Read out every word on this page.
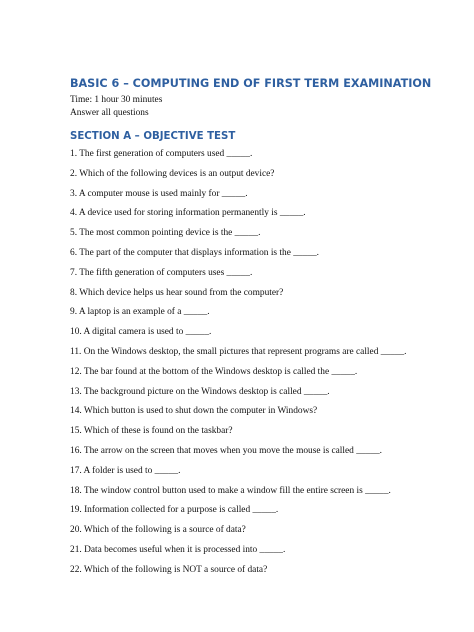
BASIC 6 – COMPUTING END OF FIRST TERM EXAMINATION

Time: 1 hour 30 minutes

Answer all questions

SECTION A – OBJECTIVE TEST
1. The first generation of computers used _____.
2. Which of the following devices is an output device?
3. A computer mouse is used mainly for _____.
4. A device used for storing information permanently is _____.
5. The most common pointing device is the _____.
6. The part of the computer that displays information is the _____.
7. The fifth generation of computers uses _____.
8. Which device helps us hear sound from the computer?
9. A laptop is an example of a _____.
10. A digital camera is used to _____.
11. On the Windows desktop, the small pictures that represent programs are called _____.
12. The bar found at the bottom of the Windows desktop is called the _____.
13. The background picture on the Windows desktop is called _____.
14. Which button is used to shut down the computer in Windows?
15. Which of these is found on the taskbar?
16. The arrow on the screen that moves when you move the mouse is called _____.
17. A folder is used to _____.
18. The window control button used to make a window fill the entire screen is _____.
19. Information collected for a purpose is called _____.
20. Which of the following is a source of data?
21. Data becomes useful when it is processed into _____.
22. Which of the following is NOT a source of data?
